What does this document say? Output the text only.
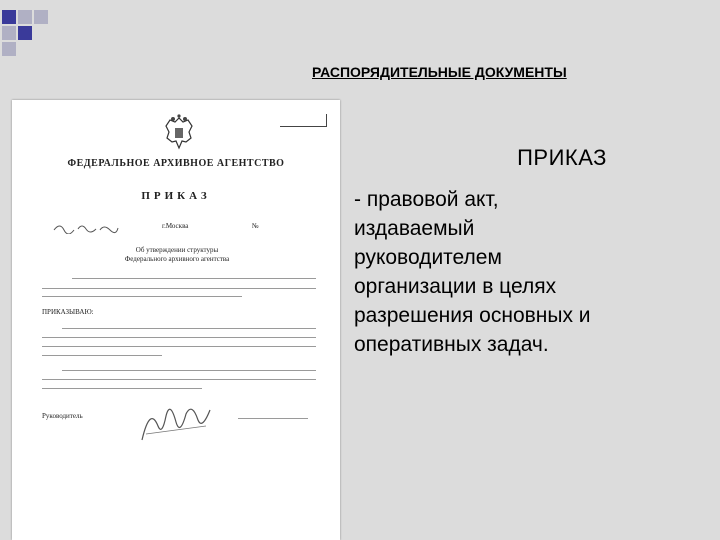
РАСПОРЯДИТЕЛЬНЫЕ ДОКУМЕНТЫ
ФЕДЕРАЛЬНОЕ АРХИВНОЕ АГЕНТСТВО
ПРИКАЗ
г.Москва	№
Об утверждении структуры
Федерального архивного агентства
ПРИКАЗЫВАЮ:
Руководитель
ПРИКАЗ
- правовой акт,
издаваемый
руководителем
организации в целях
разрешения основных и
оперативных задач.
